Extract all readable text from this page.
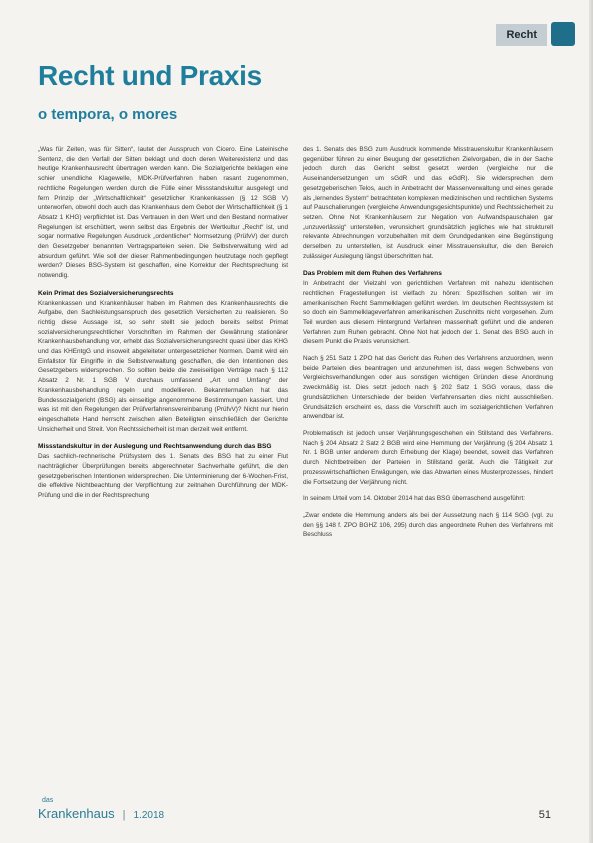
Recht
Recht und Praxis
o tempora, o mores

„Was für Zeiten, was für Sitten“, lautet der Ausspruch von Cicero. Eine Lateinische Sentenz, die den Verfall der Sitten beklagt und doch deren Weiterexistenz und das heutige Krankenhausrecht übertragen werden kann. Die Sozialgerichte beklagen eine schier unendliche Klagewelle, MDK-Prüfverfahren haben rasant zugenommen, rechtliche Regelungen werden durch die Fülle einer Missstandskultur ausgelegt und fern Prinzip der „Wirtschaftlichkeit“ gesetzlicher Krankenkassen (§ 12 SGB V) unterworfen, obwohl doch auch das Krankenhaus dem Gebot der Wirtschaftlichkeit (§ 1 Absatz 1 KHG) verpflichtet ist. Das Vertrauen in den Wert und den Bestand normativer Regelungen ist erschüttert, wenn selbst das Ergebnis der Wertkultur „Recht“ ist, und sogar normative Regelungen Ausdruck „ordentlicher“ Normsetzung (PrüfvV) der durch den Gesetzgeber benannten Vertragsparteien seien. Die Selbstverwaltung wird ad absurdum geführt. Wie soll der dieser Rahmenbedingungen heutzutage noch gepflegt werden? Dieses BSG-System ist geschaffen, eine Korrektur der Rechtsprechung ist notwendig.

Kein Primat des Sozialversicherungsrechts

Krankenkassen und Krankenhäuser haben im Rahmen des Krankenhausrechts die Aufgabe, den Sachleistungsanspruch des gesetzlich Versicherten zu realisieren. So richtig diese Aussage ist, so sehr stellt sie jedoch bereits selbst Primat sozialversicherungsrechtlicher Vorschriften im Rahmen der Gewährung stationärer Krankenhausbehandlung vor, erhebt das Sozialversicherungsrecht quasi über das KHG und das KHEntgG und insoweit abgeleiteter untergesetzlicher Normen. Damit wird ein Einfallstor für Eingriffe in die Selbstverwaltung geschaffen, die den Intentionen des Gesetzgebers widersprechen. So sollten beide die zweiseitigen Verträge nach § 112 Absatz 2 Nr. 1 SGB V durchaus umfassend „Art und Umfang“ der Krankenhausbehandlung regeln und modellieren. Bekanntermaßen hat das Bundessozialgericht (BSG) als einseitige angenommene Bestimmungen kassiert. Und was ist mit den Regelungen der Prüfverfahrensvereinbarung (PrüfvV)? Nicht nur hierin eingeschaltete Hand herrscht zwischen allen Beteiligten einschließlich der Gerichte Unsicherheit und Streit. Von Rechtssicherheit ist man derzeit weit entfernt.

Missstandskultur in der Auslegung und Rechtsanwendung durch das BSG

Das sachlich-rechnerische Prüfsystem des 1. Senats des BSG hat zu einer Flut nachträglicher Überprüfungen bereits abgerechneter Sachverhalte geführt, die den gesetzgeberischen Intentionen widersprechen. Die Unterminierung der 6-Wochen-Frist, die effektive Nichtbeachtung der Verpflichtung zur zeitnahen Durchführung der MDK-Prüfung und die in der Rechtsprechung

des 1. Senats des BSG zum Ausdruck kommende Misstrauenskultur Krankenhäusern gegenüber führen zu einer Beugung der gesetzlichen Zielvorgaben, die in der Sache jedoch durch das Gericht selbst gesetzt werden (vergleiche nur die Auseinandersetzungen um sGdR und das eGdR). Sie widersprechen dem gesetzgeberischen Telos, auch in Anbetracht der Massenverwaltung und eines gerade als „lernendes System“ betrachteten komplexen medizinischen und rechtlichen Systems auf Pauschalierungen (vergleiche Anwendungsgesichtspunkte) und Rechtssicherheit zu setzen. Ohne Not Krankenhäusern zur Negation von Aufwandspauschalen gar „unzuverlässig“ unterstellen, verunsichert grundsätzlich jegliches wie hat strukturell relevante Abrechnungen vorzubehalten mit dem Grundgedanken eine Begünstigung derselben zu unterstellen, ist Ausdruck einer Misstrauenskultur, die den Bereich zulässiger Auslegung längst überschritten hat.

Das Problem mit dem Ruhen des Verfahrens

In Anbetracht der Vielzahl von gerichtlichen Verfahren mit nahezu identischen rechtlichen Fragestellungen ist vielfach zu hören: Spezifischen sollten wir im amerikanischen Recht Sammelklagen geführt werden. Im deutschen Rechtssystem ist so doch ein Sammelklageverfahren amerikanischen Zuschnitts nicht vorgesehen. Zum Teil wurden aus diesem Hintergrund Verfahren massenhaft geführt und die anderen Verfahren zum Ruhen gebracht. Ohne Not hat jedoch der 1. Senat des BSG auch in diesem Punkt die Praxis verunsichert.

Nach § 251 Satz 1 ZPO hat das Gericht das Ruhen des Verfahrens anzuordnen, wenn beide Parteien dies beantragen und anzunehmen ist, dass wegen Schwebens von Vergleichsverhandlungen oder aus sonstigen wichtigen Gründen diese Anordnung zweckmäßig ist. Dies setzt jedoch nach § 202 Satz 1 SGG voraus, dass die grundsätzlichen Unterschiede der beiden Verfahrensarten dies nicht ausschließen. Grundsätzlich erscheint es, dass die Vorschrift auch im sozialgerichtlichen Verfahren anwendbar ist.

Problematisch ist jedoch unser Verjährungsgeschehen ein Stillstand des Verfahrens. Nach § 204 Absatz 2 Satz 2 BGB wird eine Hemmung der Verjährung (§ 204 Absatz 1 Nr. 1 BGB unter anderem durch Erhebung der Klage) beendet, soweit das Verfahren durch Nichtbetreiben der Parteien in Stillstand gerät. Auch die Tätigkeit zur prozesswirtschaftlichen Erwägungen, wie das Abwarten eines Musterprozesses, hindert die Fortsetzung der Verjährung nicht.

In seinem Urteil vom 14. Oktober 2014 hat das BSG überraschend ausgeführt:

„Zwar endete die Hemmung anders als bei der Aussetzung nach § 114 SGG (vgl. zu den §§ 148 f. ZPO BGHZ 106, 295) durch das angeordnete Ruhen des Verfahrens mit Beschluss

das
Krankenhaus | 1.2018	51
